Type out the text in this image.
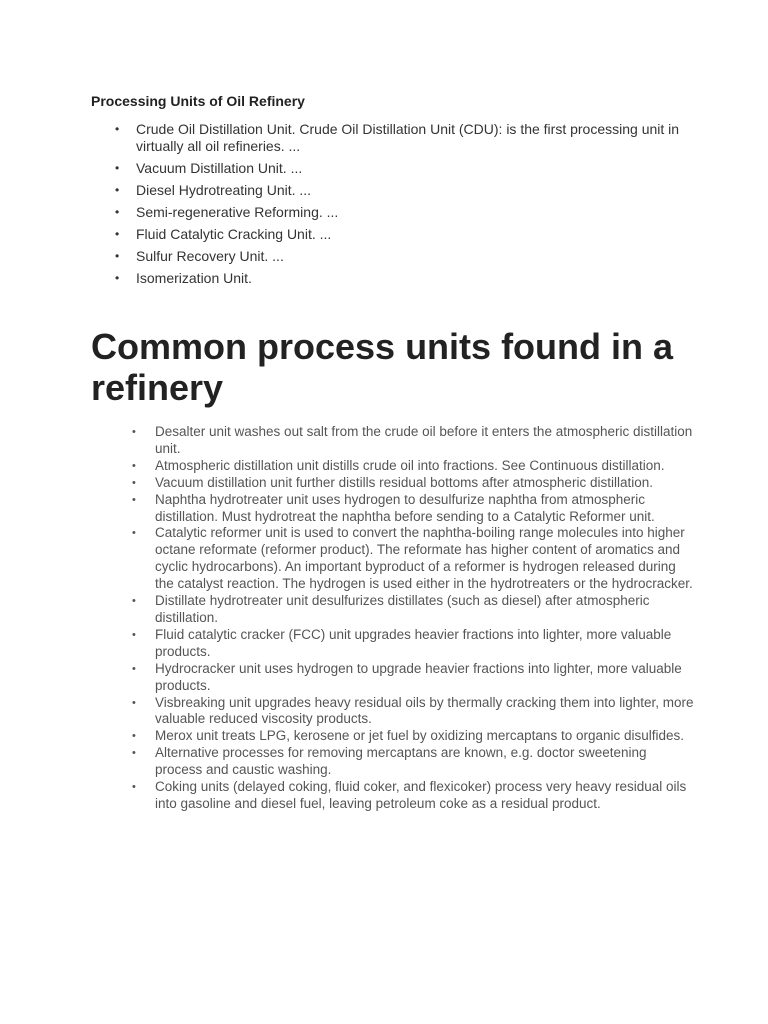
Processing Units of Oil Refinery
• Crude Oil Distillation Unit. Crude Oil Distillation Unit (CDU): is the first processing unit in virtually all oil refineries. ...
• Vacuum Distillation Unit. ...
• Diesel Hydrotreating Unit. ...
• Semi-regenerative Reforming. ...
• Fluid Catalytic Cracking Unit. ...
• Sulfur Recovery Unit. ...
• Isomerization Unit.
Common process units found in a refinery
• Desalter unit washes out salt from the crude oil before it enters the atmospheric distillation unit.
• Atmospheric distillation unit distills crude oil into fractions. See Continuous distillation.
• Vacuum distillation unit further distills residual bottoms after atmospheric distillation.
• Naphtha hydrotreater unit uses hydrogen to desulfurize naphtha from atmospheric distillation. Must hydrotreat the naphtha before sending to a Catalytic Reformer unit.
• Catalytic reformer unit is used to convert the naphtha-boiling range molecules into higher octane reformate (reformer product). The reformate has higher content of aromatics and cyclic hydrocarbons). An important byproduct of a reformer is hydrogen released during the catalyst reaction. The hydrogen is used either in the hydrotreaters or the hydrocracker.
• Distillate hydrotreater unit desulfurizes distillates (such as diesel) after atmospheric distillation.
• Fluid catalytic cracker (FCC) unit upgrades heavier fractions into lighter, more valuable products.
• Hydrocracker unit uses hydrogen to upgrade heavier fractions into lighter, more valuable products.
• Visbreaking unit upgrades heavy residual oils by thermally cracking them into lighter, more valuable reduced viscosity products.
• Merox unit treats LPG, kerosene or jet fuel by oxidizing mercaptans to organic disulfides.
• Alternative processes for removing mercaptans are known, e.g. doctor sweetening process and caustic washing.
• Coking units (delayed coking, fluid coker, and flexicoker) process very heavy residual oils into gasoline and diesel fuel, leaving petroleum coke as a residual product.
